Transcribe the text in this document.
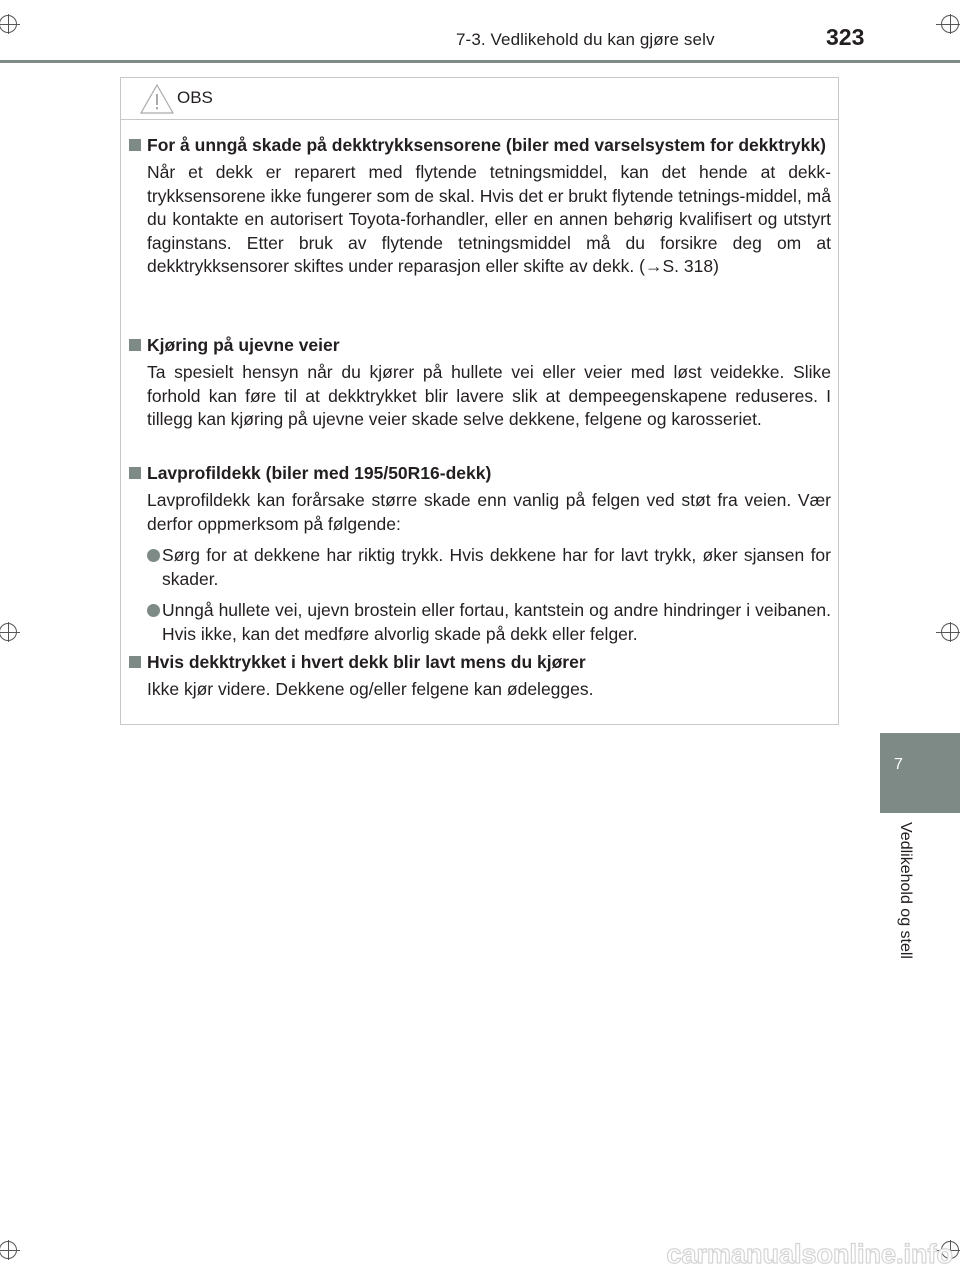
7-3. Vedlikehold du kan gjøre selv	323
7
Vedlikehold og stell
OBS
For å unngå skade på dekktrykksensorene (biler med varselsystem for dekktrykk)
Når et dekk er reparert med flytende tetningsmiddel, kan det hende at dekk-trykksensorene ikke fungerer som de skal. Hvis det er brukt flytende tetnings-middel, må du kontakte en autorisert Toyota-forhandler, eller en annen behørig kvalifisert og utstyrt faginstans. Etter bruk av flytende tetningsmiddel må du forsikre deg om at dekktrykksensorer skiftes under reparasjon eller skifte av dekk. (→S. 318)
Kjøring på ujevne veier
Ta spesielt hensyn når du kjører på hullete vei eller veier med løst veidekke. Slike forhold kan føre til at dekktrykket blir lavere slik at dempeegenskapene reduseres. I tillegg kan kjøring på ujevne veier skade selve dekkene, felgene og karosseriet.
Lavprofildekk (biler med 195/50R16-dekk)
Lavprofildekk kan forårsake større skade enn vanlig på felgen ved støt fra veien. Vær derfor oppmerksom på følgende:
Sørg for at dekkene har riktig trykk. Hvis dekkene har for lavt trykk, øker sjansen for skader.
Unngå hullete vei, ujevn brostein eller fortau, kantstein og andre hindringer i veibanen. Hvis ikke, kan det medføre alvorlig skade på dekk eller felger.
Hvis dekktrykket i hvert dekk blir lavt mens du kjører
Ikke kjør videre. Dekkene og/eller felgene kan ødelegges.
carmanualsonline.info
